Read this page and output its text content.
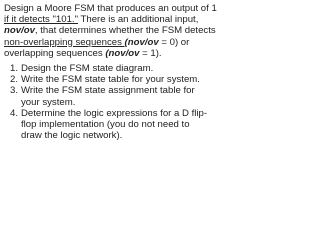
Design a Moore FSM that produces an output of 1

if it detects "101." There is an additional input,

nov/ov, that determines whether the FSM detects

non-overlapping sequences (nov/ov = 0) or

overlapping sequences (nov/ov = 1).

1. Design the FSM state diagram.
2. Write the FSM state table for your system.
3. Write the FSM state assignment table for
your system.
4. Determine the logic expressions for a D flip-
flop implementation (you do not need to
draw the logic network).
